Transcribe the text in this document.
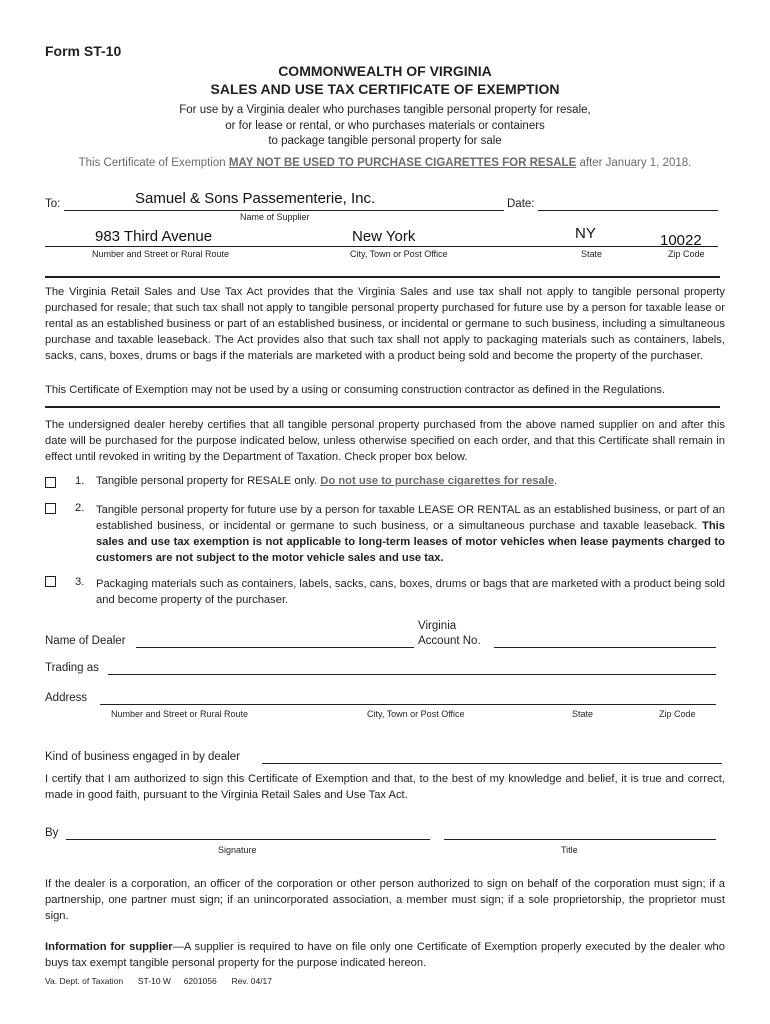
Form ST-10
COMMONWEALTH OF VIRGINIA
SALES AND USE TAX CERTIFICATE OF EXEMPTION
For use by a Virginia dealer who purchases tangible personal property for resale,
or for lease or rental, or who purchases materials or containers
to package tangible personal property for sale
This Certificate of Exemption MAY NOT BE USED TO PURCHASE CIGARETTES FOR RESALE after January 1, 2018.
To:	Samuel & Sons Passementerie, Inc.	Date:
Name of Supplier
983 Third Avenue	New York	NY	10022
Number and Street or Rural Route	City, Town or Post Office	State	Zip Code
The Virginia Retail Sales and Use Tax Act provides that the Virginia Sales and use tax shall not apply to tangible personal property purchased for resale; that such tax shall not apply to tangible personal property purchased for future use by a person for taxable lease or rental as an established business or part of an established business, or incidental or germane to such business, including a simultaneous purchase and taxable leaseback. The Act provides also that such tax shall not apply to packaging materials such as containers, labels, sacks, cans, boxes, drums or bags if the materials are marketed with a product being sold and become the property of the purchaser.
This Certificate of Exemption may not be used by a using or consuming construction contractor as defined in the Regulations.
The undersigned dealer hereby certifies that all tangible personal property purchased from the above named supplier on and after this date will be purchased for the purpose indicated below, unless otherwise specified on each order, and that this Certificate shall remain in effect until revoked in writing by the Department of Taxation. Check proper box below.
1. Tangible personal property for RESALE only. Do not use to purchase cigarettes for resale.
2. Tangible personal property for future use by a person for taxable LEASE OR RENTAL as an established business, or part of an established business, or incidental or germane to such business, or a simultaneous purchase and taxable leaseback. This sales and use tax exemption is not applicable to long-term leases of motor vehicles when lease payments charged to customers are not subject to the motor vehicle sales and use tax.
3. Packaging materials such as containers, labels, sacks, cans, boxes, drums or bags that are marketed with a product being sold and become property of the purchaser.
Name of Dealer
Virginia
Account No.
Trading as
Address
Number and Street or Rural Route	City, Town or Post Office	State	Zip Code
Kind of business engaged in by dealer
I certify that I am authorized to sign this Certificate of Exemption and that, to the best of my knowledge and belief, it is true and correct, made in good faith, pursuant to the Virginia Retail Sales and Use Tax Act.
By
Signature	Title
If the dealer is a corporation, an officer of the corporation or other person authorized to sign on behalf of the corporation must sign; if a partnership, one partner must sign; if an unincorporated association, a member must sign; if a sole proprietorship, the proprietor must sign.
Information for supplier—A supplier is required to have on file only one Certificate of Exemption properly executed by the dealer who buys tax exempt tangible personal property for the purpose indicated hereon.
Va. Dept. of Taxation ST-10 W 6201056 Rev. 04/17
